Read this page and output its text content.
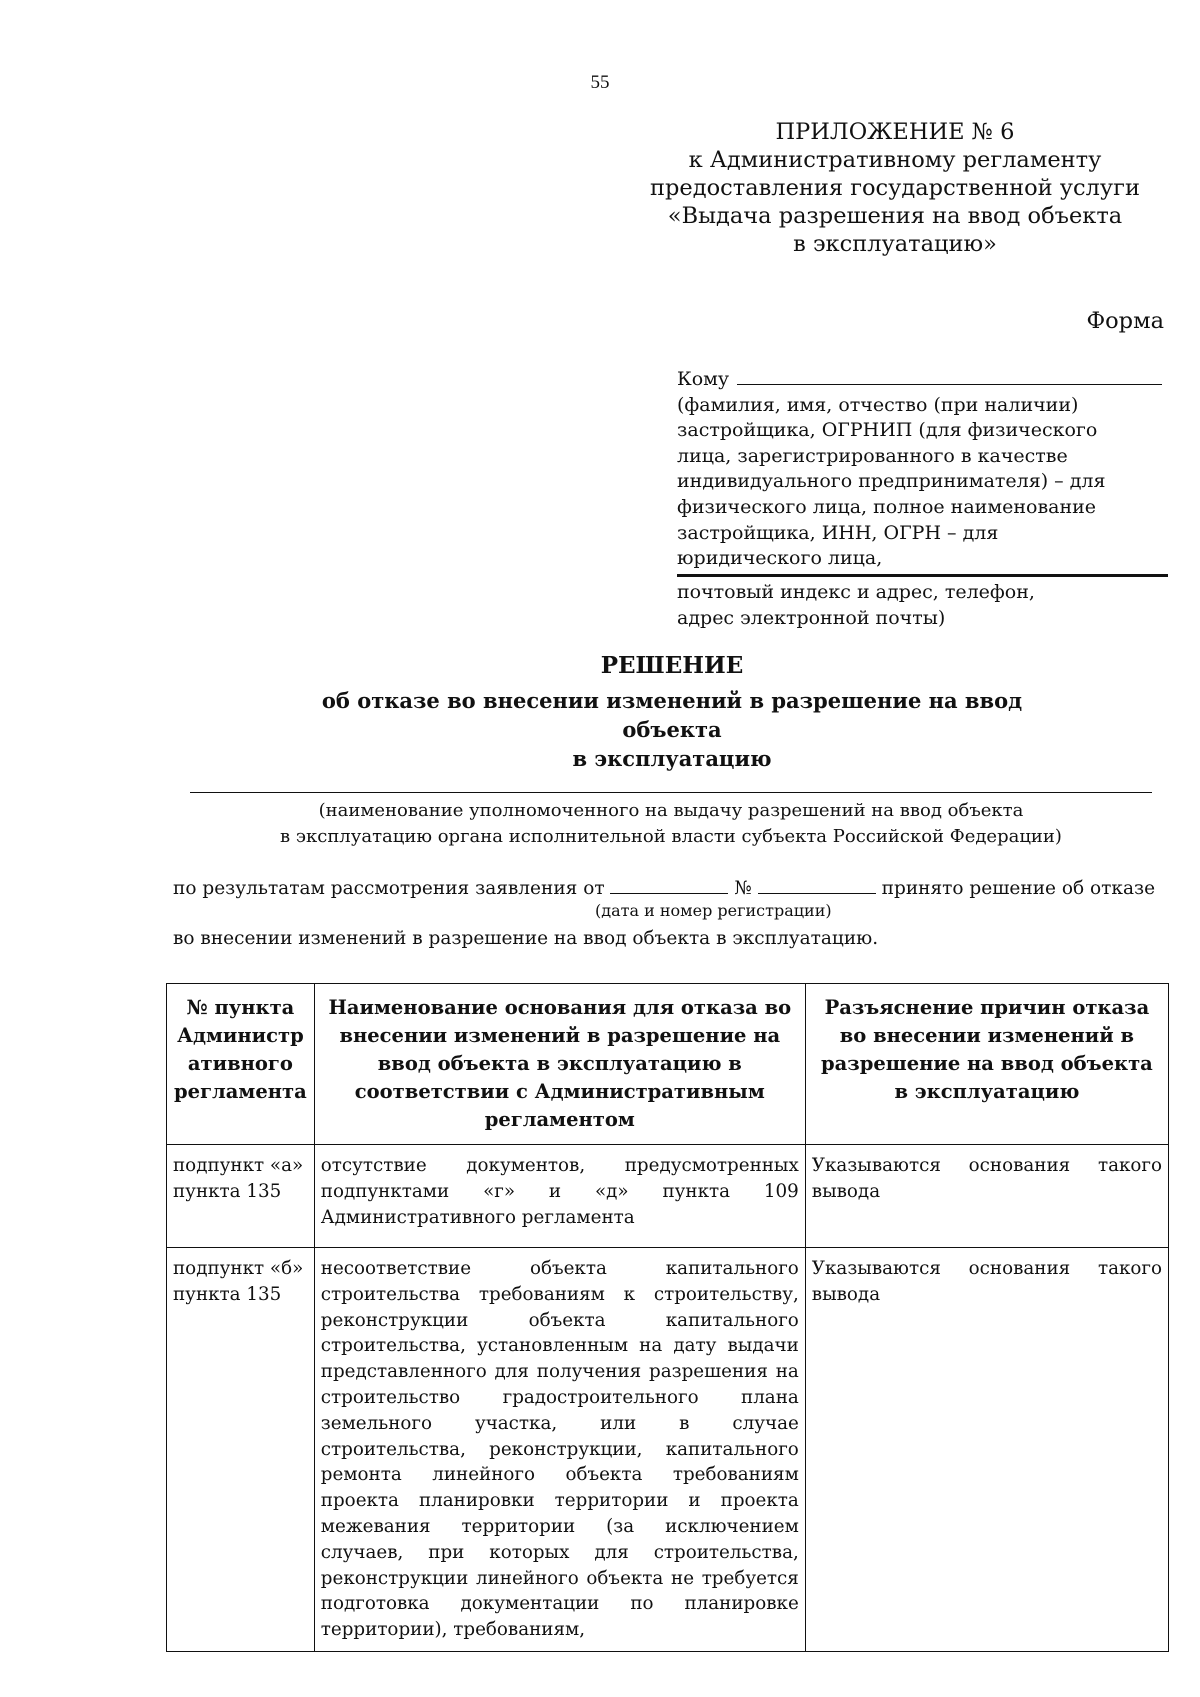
55
ПРИЛОЖЕНИЕ № 6
к Административному регламенту
предоставления государственной услуги
«Выдача разрешения на ввод объекта
в эксплуатацию»
Форма
Кому
(фамилия, имя, отчество (при наличии)
застройщика, ОГРНИП (для физического
лица, зарегистрированного в качестве
индивидуального предпринимателя) – для
физического лица, полное наименование
застройщика, ИНН, ОГРН – для
юридического лица,
почтовый индекс и адрес, телефон,
адрес электронной почты)
РЕШЕНИЕ
об отказе во внесении изменений в разрешение на ввод объекта
в эксплуатацию
(наименование уполномоченного на выдачу разрешений на ввод объекта
в эксплуатацию органа исполнительной власти субъекта Российской Федерации)
по результатам рассмотрения заявления от	№	принято решение об отказе
(дата и номер регистрации)
во внесении изменений в разрешение на ввод объекта в эксплуатацию.
№ пункта Администр ативного регламента	Наименование основания для отказа во внесении изменений в разрешение на ввод объекта в эксплуатацию в соответствии с Административным регламентом	Разъяснение причин отказа во внесении изменений в разрешение на ввод объекта в эксплуатацию
подпункт «а» пункта 135	отсутствие документов, предусмотренных подпунктами «г» и «д» пункта 109 Административного регламента	Указываются основания такого вывода
подпункт «б» пункта 135	несоответствие объекта капитального строительства требованиям к строительству, реконструкции объекта капитального строительства, установленным на дату выдачи представленного для получения разрешения на строительство градостроительного плана земельного участка, или в случае строительства, реконструкции, капитального ремонта линейного объекта требованиям проекта планировки территории и проекта межевания территории (за исключением случаев, при которых для строительства, реконструкции линейного объекта не требуется подготовка документации по планировке территории), требованиям,	Указываются основания такого вывода
